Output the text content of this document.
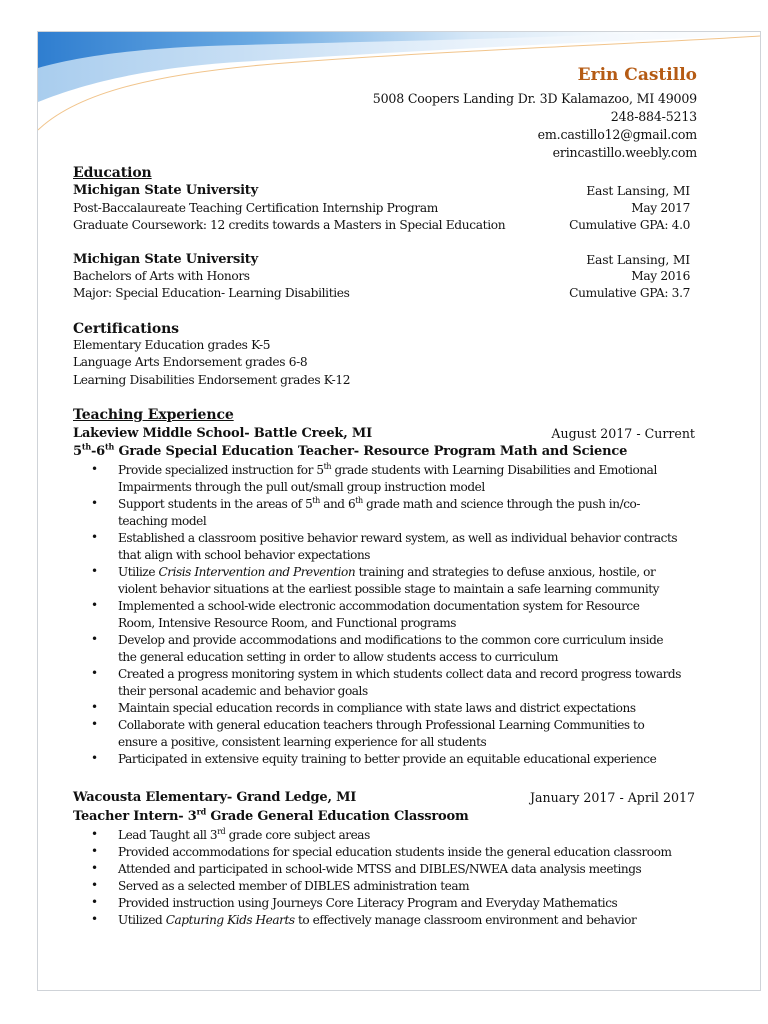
Erin Castillo
5008 Coopers Landing Dr. 3D Kalamazoo, MI 49009
248-884-5213
em.castillo12@gmail.com
erincastillo.weebly.com
Education
Michigan State University	East Lansing, MI
Post-Baccalaureate Teaching Certification Internship Program	May 2017
Graduate Coursework: 12 credits towards a Masters in Special Education	Cumulative GPA: 4.0
Michigan State University	East Lansing, MI
Bachelors of Arts with Honors	May 2016
Major: Special Education- Learning Disabilities	Cumulative GPA: 3.7
Certifications
Elementary Education grades K-5
Language Arts Endorsement grades 6-8
Learning Disabilities Endorsement grades K-12
Teaching Experience
Lakeview Middle School- Battle Creek, MI	August 2017 - Current
5th-6th Grade Special Education Teacher- Resource Program Math and Science
• Provide specialized instruction for 5th grade students with Learning Disabilities and Emotional
Impairments through the pull out/small group instruction model
• Support students in the areas of 5th and 6th grade math and science through the push in/co-
teaching model
• Established a classroom positive behavior reward system, as well as individual behavior contracts
that align with school behavior expectations
• Utilize Crisis Intervention and Prevention training and strategies to defuse anxious, hostile, or
violent behavior situations at the earliest possible stage to maintain a safe learning community
• Implemented a school-wide electronic accommodation documentation system for Resource
Room, Intensive Resource Room, and Functional programs
• Develop and provide accommodations and modifications to the common core curriculum inside
the general education setting in order to allow students access to curriculum
• Created a progress monitoring system in which students collect data and record progress towards
their personal academic and behavior goals
• Maintain special education records in compliance with state laws and district expectations
• Collaborate with general education teachers through Professional Learning Communities to
ensure a positive, consistent learning experience for all students
• Participated in extensive equity training to better provide an equitable educational experience
Wacousta Elementary- Grand Ledge, MI	January 2017 - April 2017
Teacher Intern- 3rd Grade General Education Classroom
• Lead Taught all 3rd grade core subject areas
• Provided accommodations for special education students inside the general education classroom
• Attended and participated in school-wide MTSS and DIBLES/NWEA data analysis meetings
• Served as a selected member of DIBLES administration team
• Provided instruction using Journeys Core Literacy Program and Everyday Mathematics
• Utilized Capturing Kids Hearts to effectively manage classroom environment and behavior
